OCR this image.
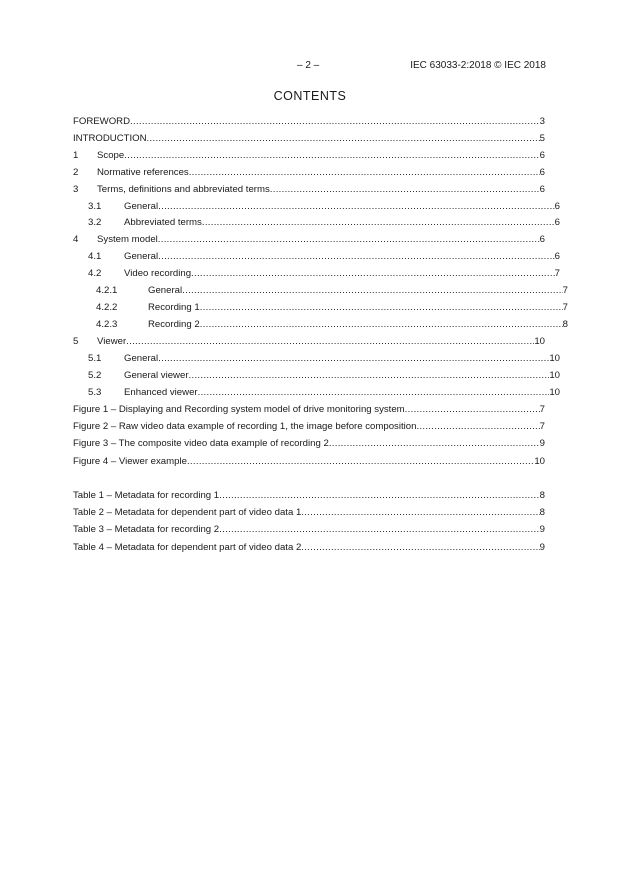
– 2 –	IEC 63033-2:2018 © IEC 2018
CONTENTS
FOREWORD .....	3
INTRODUCTION .....	5
1	Scope .....	6
2	Normative references .....	6
3	Terms, definitions and abbreviated terms .....	6
3.1	General .....	6
3.2	Abbreviated terms .....	6
4	System model .....	6
4.1	General .....	6
4.2	Video recording .....	7
4.2.1	General .....	7
4.2.2	Recording 1 .....	7
4.2.3	Recording 2 .....	8
5	Viewer .....	10
5.1	General .....	10
5.2	General viewer .....	10
5.3	Enhanced viewer .....	10
Figure 1 – Displaying and Recording system model of drive monitoring system .....	7
Figure 2 – Raw video data example of recording 1, the image before composition .....	7
Figure 3 – The composite video data example of recording 2 .....	9
Figure 4 – Viewer example .....	10
Table 1 – Metadata for recording 1 .....	8
Table 2 – Metadata for dependent part of video data 1 .....	8
Table 3 – Metadata for recording 2 .....	9
Table 4 – Metadata for dependent part of video data 2 .....	9
